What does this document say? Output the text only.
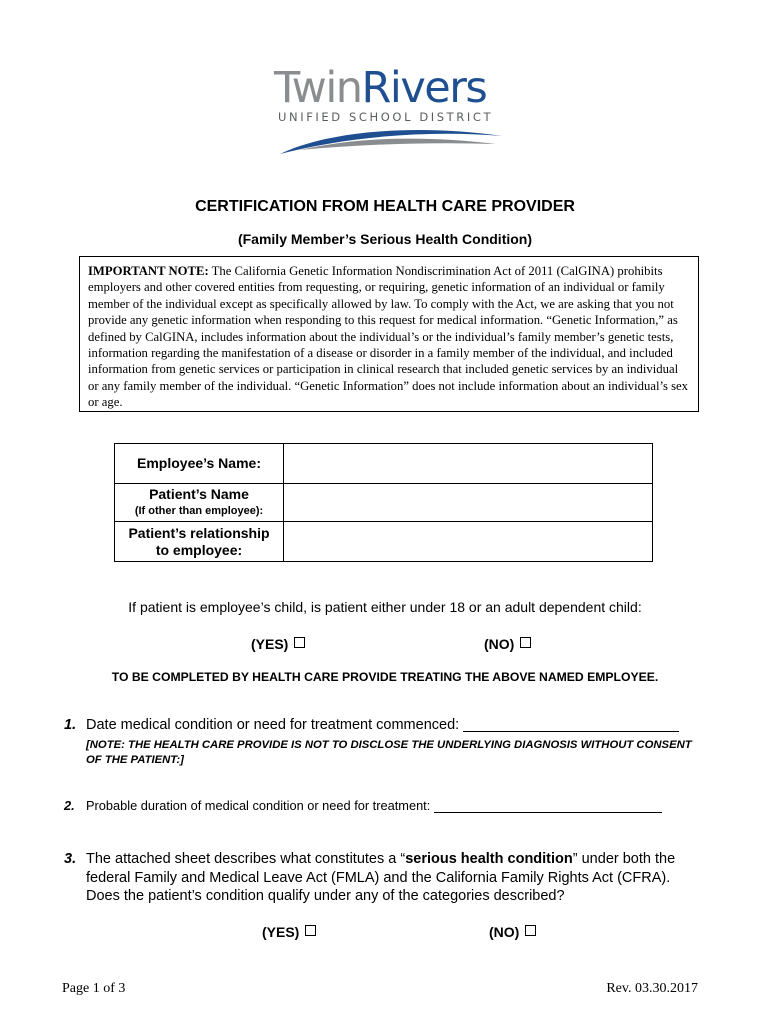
TwinRivers
UNIFIED SCHOOL DISTRICT
CERTIFICATION FROM HEALTH CARE PROVIDER
(Family Member’s Serious Health Condition)
IMPORTANT NOTE: The California Genetic Information Nondiscrimination Act of 2011 (CalGINA) prohibits employers and other covered entities from requesting, or requiring, genetic information of an individual or family member of the individual except as specifically allowed by law. To comply with the Act, we are asking that you not provide any genetic information when responding to this request for medical information. “Genetic Information,” as defined by CalGINA, includes information about the individual’s or the individual’s family member’s genetic tests, information regarding the manifestation of a disease or disorder in a family member of the individual, and included information from genetic services or participation in clinical research that included genetic services by an individual or any family member of the individual. “Genetic Information” does not include information about an individual’s sex or age.
Employee’s Name:	

Patient’s Name
(If other than employee):	

Patient’s relationship
to employee:	

If patient is employee’s child, is patient either under 18 or an adult dependent child:
(YES)	(NO)
TO BE COMPLETED BY HEALTH CARE PROVIDE TREATING THE ABOVE NAMED EMPLOYEE.
1. Date medical condition or need for treatment commenced:
[NOTE: THE HEALTH CARE PROVIDE IS NOT TO DISCLOSE THE UNDERLYING DIAGNOSIS WITHOUT CONSENT OF THE PATIENT:]
2. Probable duration of medical condition or need for treatment:
3. The attached sheet describes what constitutes a “serious health condition” under both the federal Family and Medical Leave Act (FMLA) and the California Family Rights Act (CFRA). Does the patient’s condition qualify under any of the categories described?
(YES)	(NO)
Page 1 of 3	Rev. 03.30.2017
